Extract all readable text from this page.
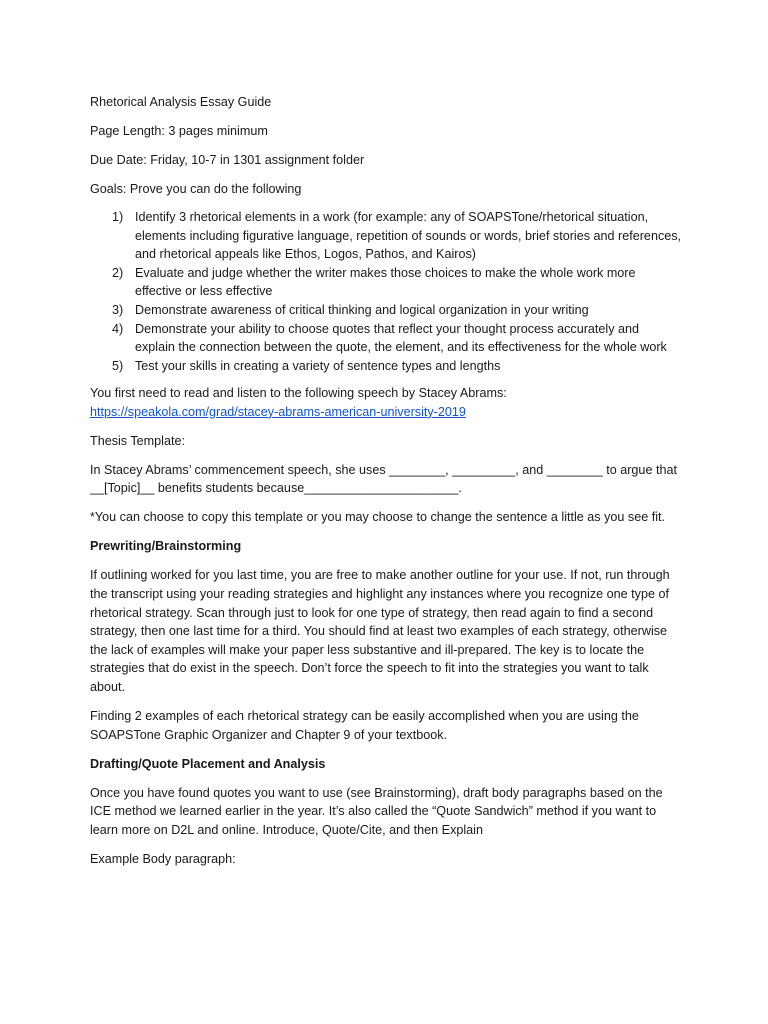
Rhetorical Analysis Essay Guide
Page Length: 3 pages minimum
Due Date: Friday, 10-7 in 1301 assignment folder
Goals: Prove you can do the following
1) Identify 3 rhetorical elements in a work (for example: any of SOAPSTone/rhetorical situation, elements including figurative language, repetition of sounds or words, brief stories and references, and rhetorical appeals like Ethos, Logos, Pathos, and Kairos)
2) Evaluate and judge whether the writer makes those choices to make the whole work more effective or less effective
3) Demonstrate awareness of critical thinking and logical organization in your writing
4) Demonstrate your ability to choose quotes that reflect your thought process accurately and explain the connection between the quote, the element, and its effectiveness for the whole work
5) Test your skills in creating a variety of sentence types and lengths
You first need to read and listen to the following speech by Stacey Abrams:
https://speakola.com/grad/stacey-abrams-american-university-2019
Thesis Template:
In Stacey Abrams’ commencement speech, she uses ________, _________, and ________ to argue that __[Topic]__ benefits students because______________________.
*You can choose to copy this template or you may choose to change the sentence a little as you see fit.
Prewriting/Brainstorming
If outlining worked for you last time, you are free to make another outline for your use. If not, run through the transcript using your reading strategies and highlight any instances where you recognize one type of rhetorical strategy. Scan through just to look for one type of strategy, then read again to find a second strategy, then one last time for a third. You should find at least two examples of each strategy, otherwise the lack of examples will make your paper less substantive and ill-prepared. The key is to locate the strategies that do exist in the speech. Don’t force the speech to fit into the strategies you want to talk about.
Finding 2 examples of each rhetorical strategy can be easily accomplished when you are using the SOAPSTone Graphic Organizer and Chapter 9 of your textbook.
Drafting/Quote Placement and Analysis
Once you have found quotes you want to use (see Brainstorming), draft body paragraphs based on the ICE method we learned earlier in the year. It’s also called the “Quote Sandwich” method if you want to learn more on D2L and online. Introduce, Quote/Cite, and then Explain
Example Body paragraph:
